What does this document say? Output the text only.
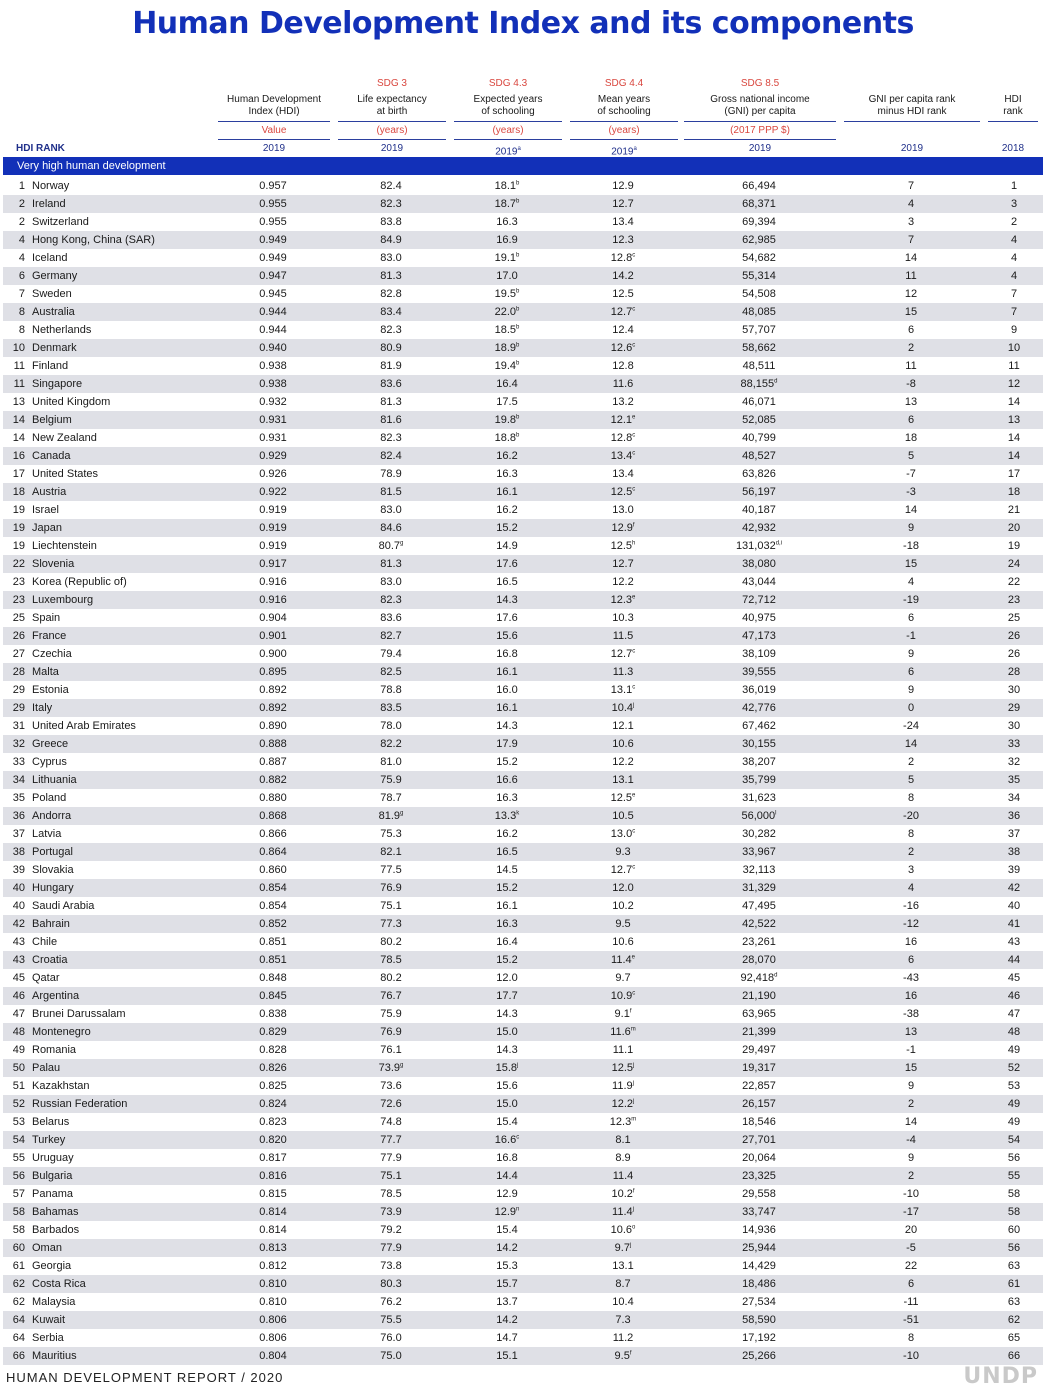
Human Development Index and its components
Human Development
Index (HDI)
SDG 3
Life expectancy
at birth
SDG 4.3
Expected years
of schooling
SDG 4.4
Mean years
of schooling
SDG 8.5
Gross national income
(GNI) per capita
GNI per capita rank
minus HDI rank
HDI
rank
Value	(years)	(years)	(years)	(2017 PPP $)
HDI RANK	2019	2019	2019$^a$	2019$^a$	2019	2019	2018
Very high human development
1 Norway	0.957	82.4	18.1$^b$	12.9	66,494	7	1
2 Ireland	0.955	82.3	18.7$^b$	12.7	68,371	4	3
2 Switzerland	0.955	83.8	16.3	13.4	69,394	3	2
4 Hong Kong, China (SAR)	0.949	84.9	16.9	12.3	62,985	7	4
4 Iceland	0.949	83.0	19.1$^b$	12.8$^c$	54,682	14	4
6 Germany	0.947	81.3	17.0	14.2	55,314	11	4
7 Sweden	0.945	82.8	19.5$^b$	12.5	54,508	12	7
8 Australia	0.944	83.4	22.0$^b$	12.7$^c$	48,085	15	7
8 Netherlands	0.944	82.3	18.5$^b$	12.4	57,707	6	9
10 Denmark	0.940	80.9	18.9$^b$	12.6$^c$	58,662	2	10
11 Finland	0.938	81.9	19.4$^b$	12.8	48,511	11	11
11 Singapore	0.938	83.6	16.4	11.6	88,155$^d$	-8	12
13 United Kingdom	0.932	81.3	17.5	13.2	46,071	13	14
14 Belgium	0.931	81.6	19.8$^b$	12.1e	52,085	6	13
14 New Zealand	0.931	82.3	18.8$^b$	12.8$^c$	40,799	18	14
16 Canada	0.929	82.4	16.2	13.4$^c$	48,527	5	14
17 United States	0.926	78.9	16.3	13.4	63,826	-7	17
18 Austria	0.922	81.5	16.1	12.5$^c$	56,197	-3	18
19 Israel	0.919	83.0	16.2	13.0	40,187	14	21
19 Japan	0.919	84.6	15.2	12.9$^f$	42,932	9	20
19 Liechtenstein	0.919	80.7$^g$	14.9	12.5$^h$	131,032$^{d,i}$	-18	19
22 Slovenia	0.917	81.3	17.6	12.7	38,080	15	24
23 Korea (Republic of)	0.916	83.0	16.5	12.2	43,044	4	22
23 Luxembourg	0.916	82.3	14.3	12.3e	72,712	-19	23
25 Spain	0.904	83.6	17.6	10.3	40,975	6	25
26 France	0.901	82.7	15.6	11.5	47,173	-1	26
27 Czechia	0.900	79.4	16.8	12.7$^c$	38,109	9	26
28 Malta	0.895	82.5	16.1	11.3	39,555	6	28
29 Estonia	0.892	78.8	16.0	13.1$^c$	36,019	9	30
29 Italy	0.892	83.5	16.1	10.4$^j$	42,776	0	29
31 United Arab Emirates	0.890	78.0	14.3	12.1	67,462	-24	30
32 Greece	0.888	82.2	17.9	10.6	30,155	14	33
33 Cyprus	0.887	81.0	15.2	12.2	38,207	2	32
34 Lithuania	0.882	75.9	16.6	13.1	35,799	5	35
35 Poland	0.880	78.7	16.3	12.5e	31,623	8	34
36 Andorra	0.868	81.9$^g$	13.3$^k$	10.5	56,000$^l$	-20	36
37 Latvia	0.866	75.3	16.2	13.0$^c$	30,282	8	37
38 Portugal	0.864	82.1	16.5	9.3	33,967	2	38
39 Slovakia	0.860	77.5	14.5	12.7$^c$	32,113	3	39
40 Hungary	0.854	76.9	15.2	12.0	31,329	4	42
40 Saudi Arabia	0.854	75.1	16.1	10.2	47,495	-16	40
42 Bahrain	0.852	77.3	16.3	9.5	42,522	-12	41
43 Chile	0.851	80.2	16.4	10.6	23,261	16	43
43 Croatia	0.851	78.5	15.2	11.4e	28,070	6	44
45 Qatar	0.848	80.2	12.0	9.7	92,418$^d$	-43	45
46 Argentina	0.845	76.7	17.7	10.9$^c$	21,190	16	46
47 Brunei Darussalam	0.838	75.9	14.3	9.1$^f$	63,965	-38	47
48 Montenegro	0.829	76.9	15.0	11.6$^m$	21,399	13	48
49 Romania	0.828	76.1	14.3	11.1	29,497	-1	49
50 Palau	0.826	73.9$^g$	15.8$^j$	12.5$^j$	19,317	15	52
51 Kazakhstan	0.825	73.6	15.6	11.9$^j$	22,857	9	53
52 Russian Federation	0.824	72.6	15.0	12.2$^j$	26,157	2	49
53 Belarus	0.823	74.8	15.4	12.3$^m$	18,546	14	49
54 Turkey	0.820	77.7	16.6$^c$	8.1	27,701	-4	54
55 Uruguay	0.817	77.9	16.8	8.9	20,064	9	56
56 Bulgaria	0.816	75.1	14.4	11.4	23,325	2	55
57 Panama	0.815	78.5	12.9	10.2$^f$	29,558	-10	58
58 Bahamas	0.814	73.9	12.9$^n$	11.4$^j$	33,747	-17	58
58 Barbados	0.814	79.2	15.4	10.6$^o$	14,936	20	60
60 Oman	0.813	77.9	14.2	9.7$^j$	25,944	-5	56
61 Georgia	0.812	73.8	15.3	13.1	14,429	22	63
62 Costa Rica	0.810	80.3	15.7	8.7	18,486	6	61
62 Malaysia	0.810	76.2	13.7	10.4	27,534	-11	63
64 Kuwait	0.806	75.5	14.2	7.3	58,590	-51	62
64 Serbia	0.806	76.0	14.7	11.2	17,192	8	65
66 Mauritius	0.804	75.0	15.1	9.5$^f$	25,266	-10	66
HUMAN DEVELOPMENT REPORT / 2020	UNDP
